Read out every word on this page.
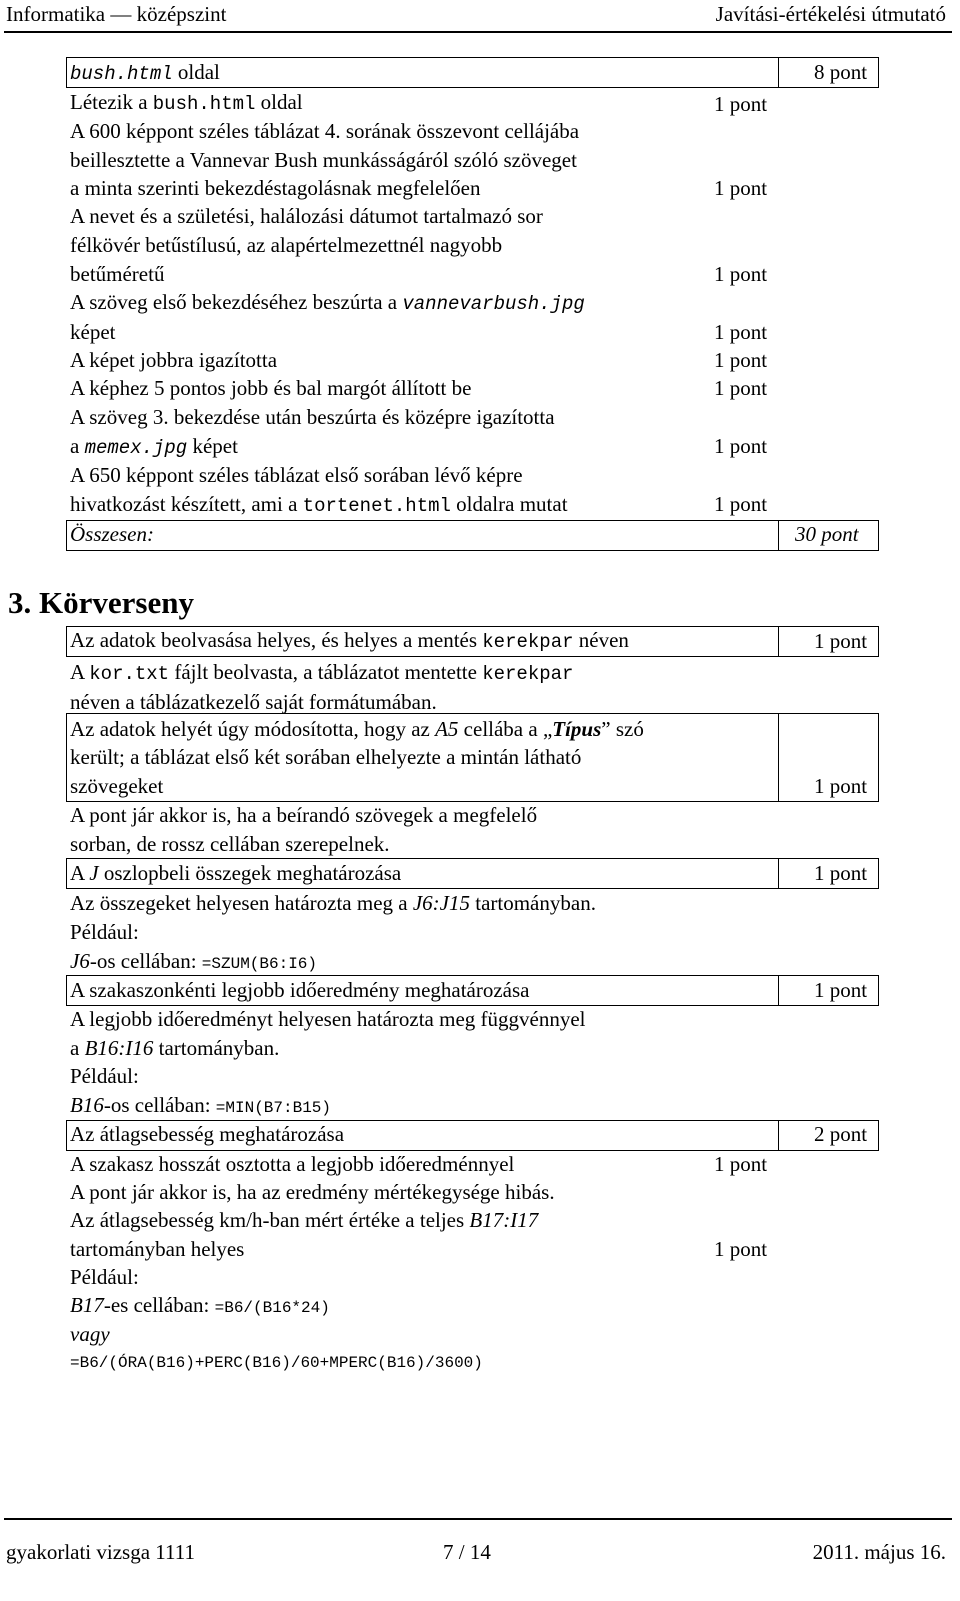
Informatika — középszint	Javítási-értékelési útmutató
bush.html oldal	8 pont
Létezik a bush.html oldal	1 pont
A 600 képpont széles táblázat 4. sorának összevont cellájába
beillesztette a Vannevar Bush munkásságáról szóló szöveget
a minta szerinti bekezdéstagolásnak megfelelően	1 pont
A nevet és a születési, halálozási dátumot tartalmazó sor
félkövér betűstílusú, az alapértelmezettnél nagyobb
betűméretű	1 pont
A szöveg első bekezdéséhez beszúrta a vannevarbush.jpg
képet	1 pont
A képet jobbra igazította	1 pont
A képhez 5 pontos jobb és bal margót állított be	1 pont
A szöveg 3. bekezdése után beszúrta és középre igazította
a memex.jpg képet	1 pont
A 650 képpont széles táblázat első sorában lévő képre
hivatkozást készített, ami a tortenet.html oldalra mutat	1 pont
Összesen:	30 pont
3. Körverseny
Az adatok beolvasása helyes, és helyes a mentés kerekpar néven	1 pont
A kor.txt fájlt beolvasta, a táblázatot mentette kerekpar
néven a táblázatkezelő saját formátumában.
Az adatok helyét úgy módosította, hogy az A5 cellába a „Típus” szó
került; a táblázat első két sorában elhelyezte a mintán látható
szövegeket	1 pont
A pont jár akkor is, ha a beírandó szövegek a megfelelő
sorban, de rossz cellában szerepelnek.
A J oszlopbeli összegek meghatározása	1 pont
Az összegeket helyesen határozta meg a J6:J15 tartományban.
Például:
J6-os cellában: =SZUM(B6:I6)
A szakaszonkénti legjobb időeredmény meghatározása	1 pont
A legjobb időeredményt helyesen határozta meg függvénnyel
a B16:I16 tartományban.
Például:
B16-os cellában: =MIN(B7:B15)
Az átlagsebesség meghatározása	2 pont
A szakasz hosszát osztotta a legjobb időeredménnyel	1 pont
A pont jár akkor is, ha az eredmény mértékegysége hibás.
Az átlagsebesség km/h-ban mért értéke a teljes B17:I17
tartományban helyes	1 pont
Például:
B17-es cellában: =B6/(B16*24)
vagy
=B6/(ÓRA(B16)+PERC(B16)/60+MPERC(B16)/3600)
gyakorlati vizsga 1111	7 / 14	2011. május 16.
